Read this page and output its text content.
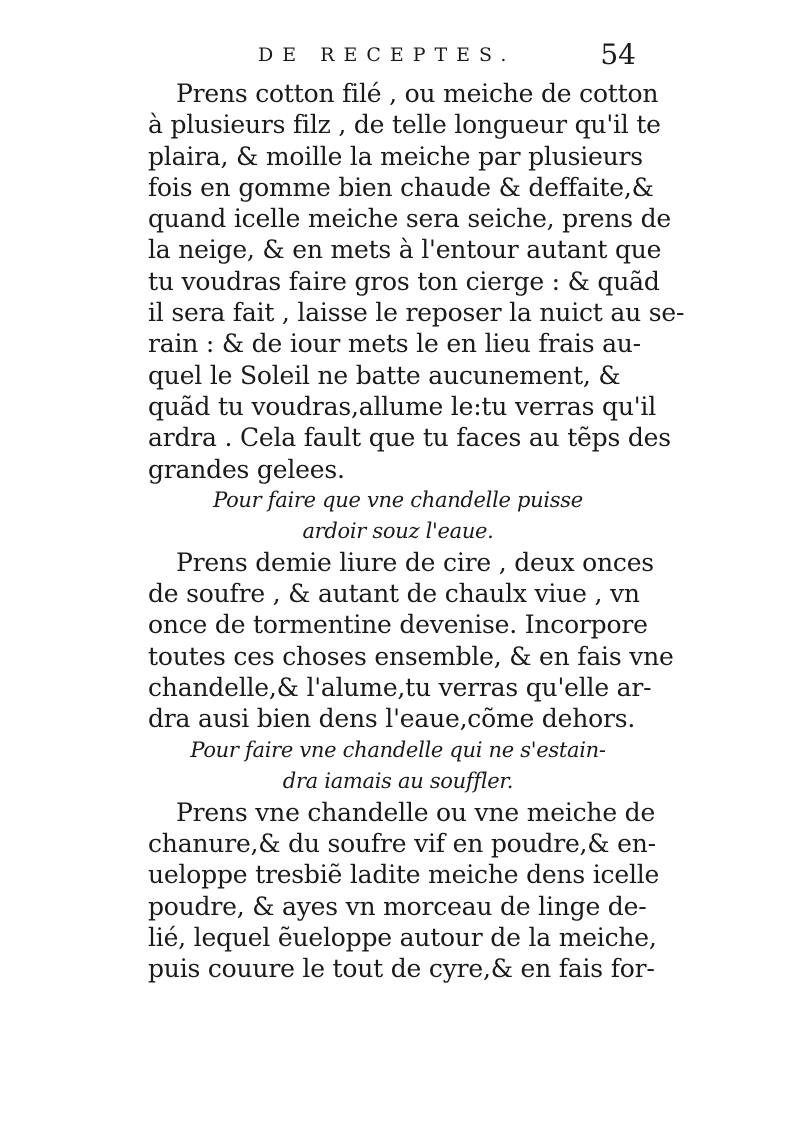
DE RECEPTES.	54
Prens cotton filé , ou meiche de cotton
à plusieurs filz , de telle longueur qu'il te
plaira, & moille la meiche par plusieurs
fois en gomme bien chaude & deffaite,&
quand icelle meiche sera seiche, prens de
la neige, & en mets à l'entour autant que
tu voudras faire gros ton cierge : & quãd
il sera fait , laisse le reposer la nuict au se-
rain : & de iour mets le en lieu frais au-
quel le Soleil ne batte aucunement, &
quãd tu voudras,allume le:tu verras qu'il
ardra . Cela fault que tu faces au tẽps des
grandes gelees.
Pour faire que vne chandelle puisse
ardoir souz l'eaue.
Prens demie liure de cire , deux onces
de soufre , & autant de chaulx viue , vn
once de tormentine devenise. Incorpore
toutes ces choses ensemble, & en fais vne
chandelle,& l'alume,tu verras qu'elle ar-
dra ausi bien dens l'eaue,cõme dehors.
Pour faire vne chandelle qui ne s'estain-
dra iamais au souffler.
Prens vne chandelle ou vne meiche de
chanure,& du soufre vif en poudre,& en-
ueloppe tresbiẽ ladite meiche dens icelle
poudre, & ayes vn morceau de linge de-
lié, lequel ẽueloppe autour de la meiche,
puis couure le tout de cyre,& en fais for-
